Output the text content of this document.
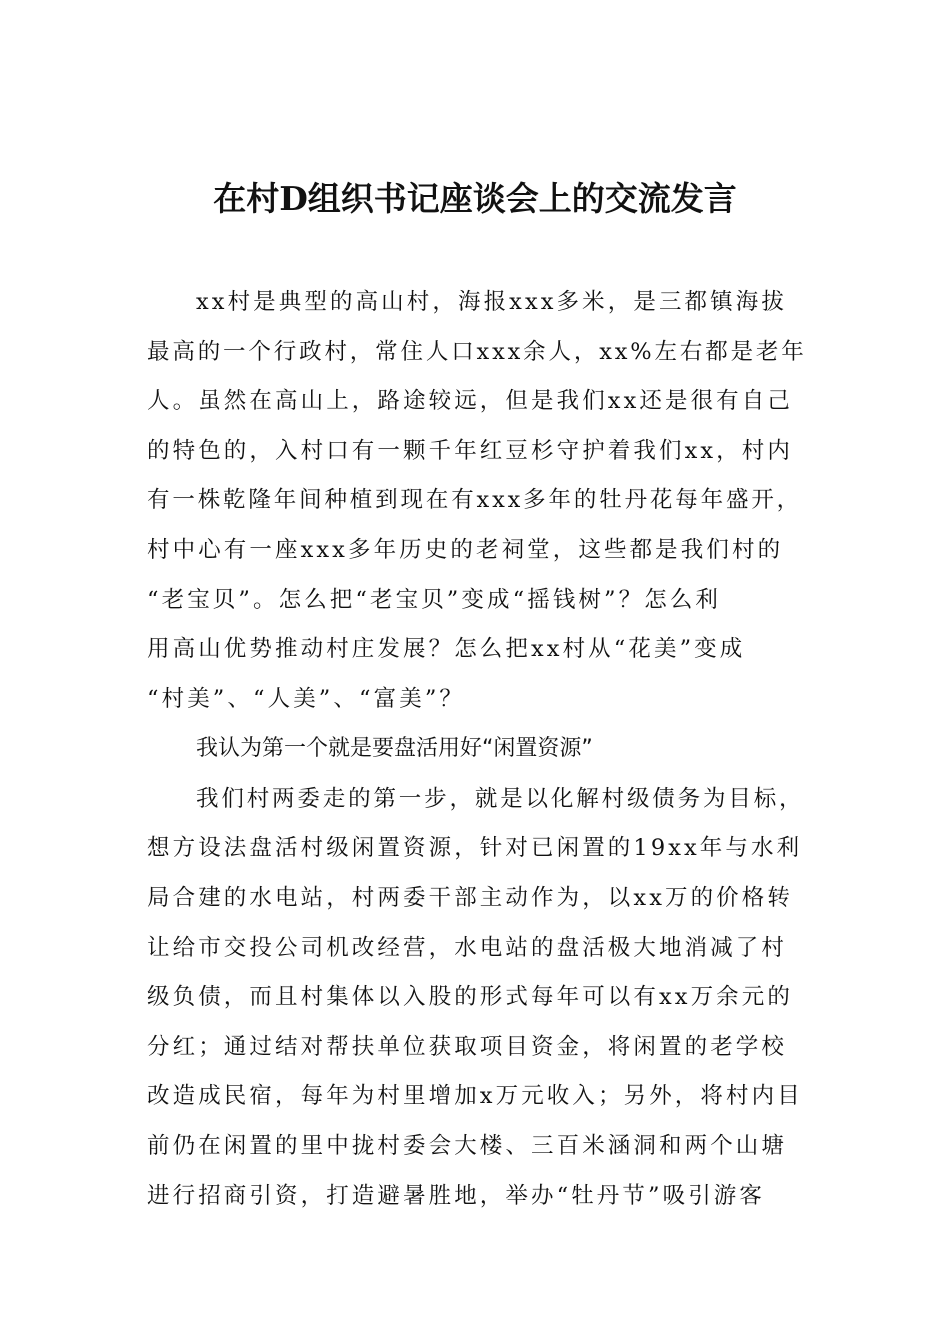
在村D组织书记座谈会上的交流发言
xx村是典型的高山村，海报xxx多米，是三都镇海拔
最高的一个行政村，常住人口xxx余人，xx%左右都是老年
人。虽然在高山上，路途较远，但是我们xx还是很有自己
的特色的，入村口有一颗千年红豆杉守护着我们xx，村内
有一株乾隆年间种植到现在有xxx多年的牡丹花每年盛开，
村中心有一座xxx多年历史的老祠堂，这些都是我们村的
“老宝贝”。怎么把“老宝贝”变成“摇钱树”？怎么利
用高山优势推动村庄发展？怎么把xx村从“花美”变成
“村美”、“人美”、“富美”？
我认为第一个就是要盘活用好“闲置资源”
我们村两委走的第一步，就是以化解村级债务为目标，
想方设法盘活村级闲置资源，针对已闲置的19xx年与水利
局合建的水电站，村两委干部主动作为，以xx万的价格转
让给市交投公司机改经营，水电站的盘活极大地消减了村
级负债，而且村集体以入股的形式每年可以有xx万余元的
分红；通过结对帮扶单位获取项目资金，将闲置的老学校
改造成民宿，每年为村里增加x万元收入；另外，将村内目
前仍在闲置的里中拢村委会大楼、三百米涵洞和两个山塘
进行招商引资，打造避暑胜地，举办“牡丹节”吸引游客
